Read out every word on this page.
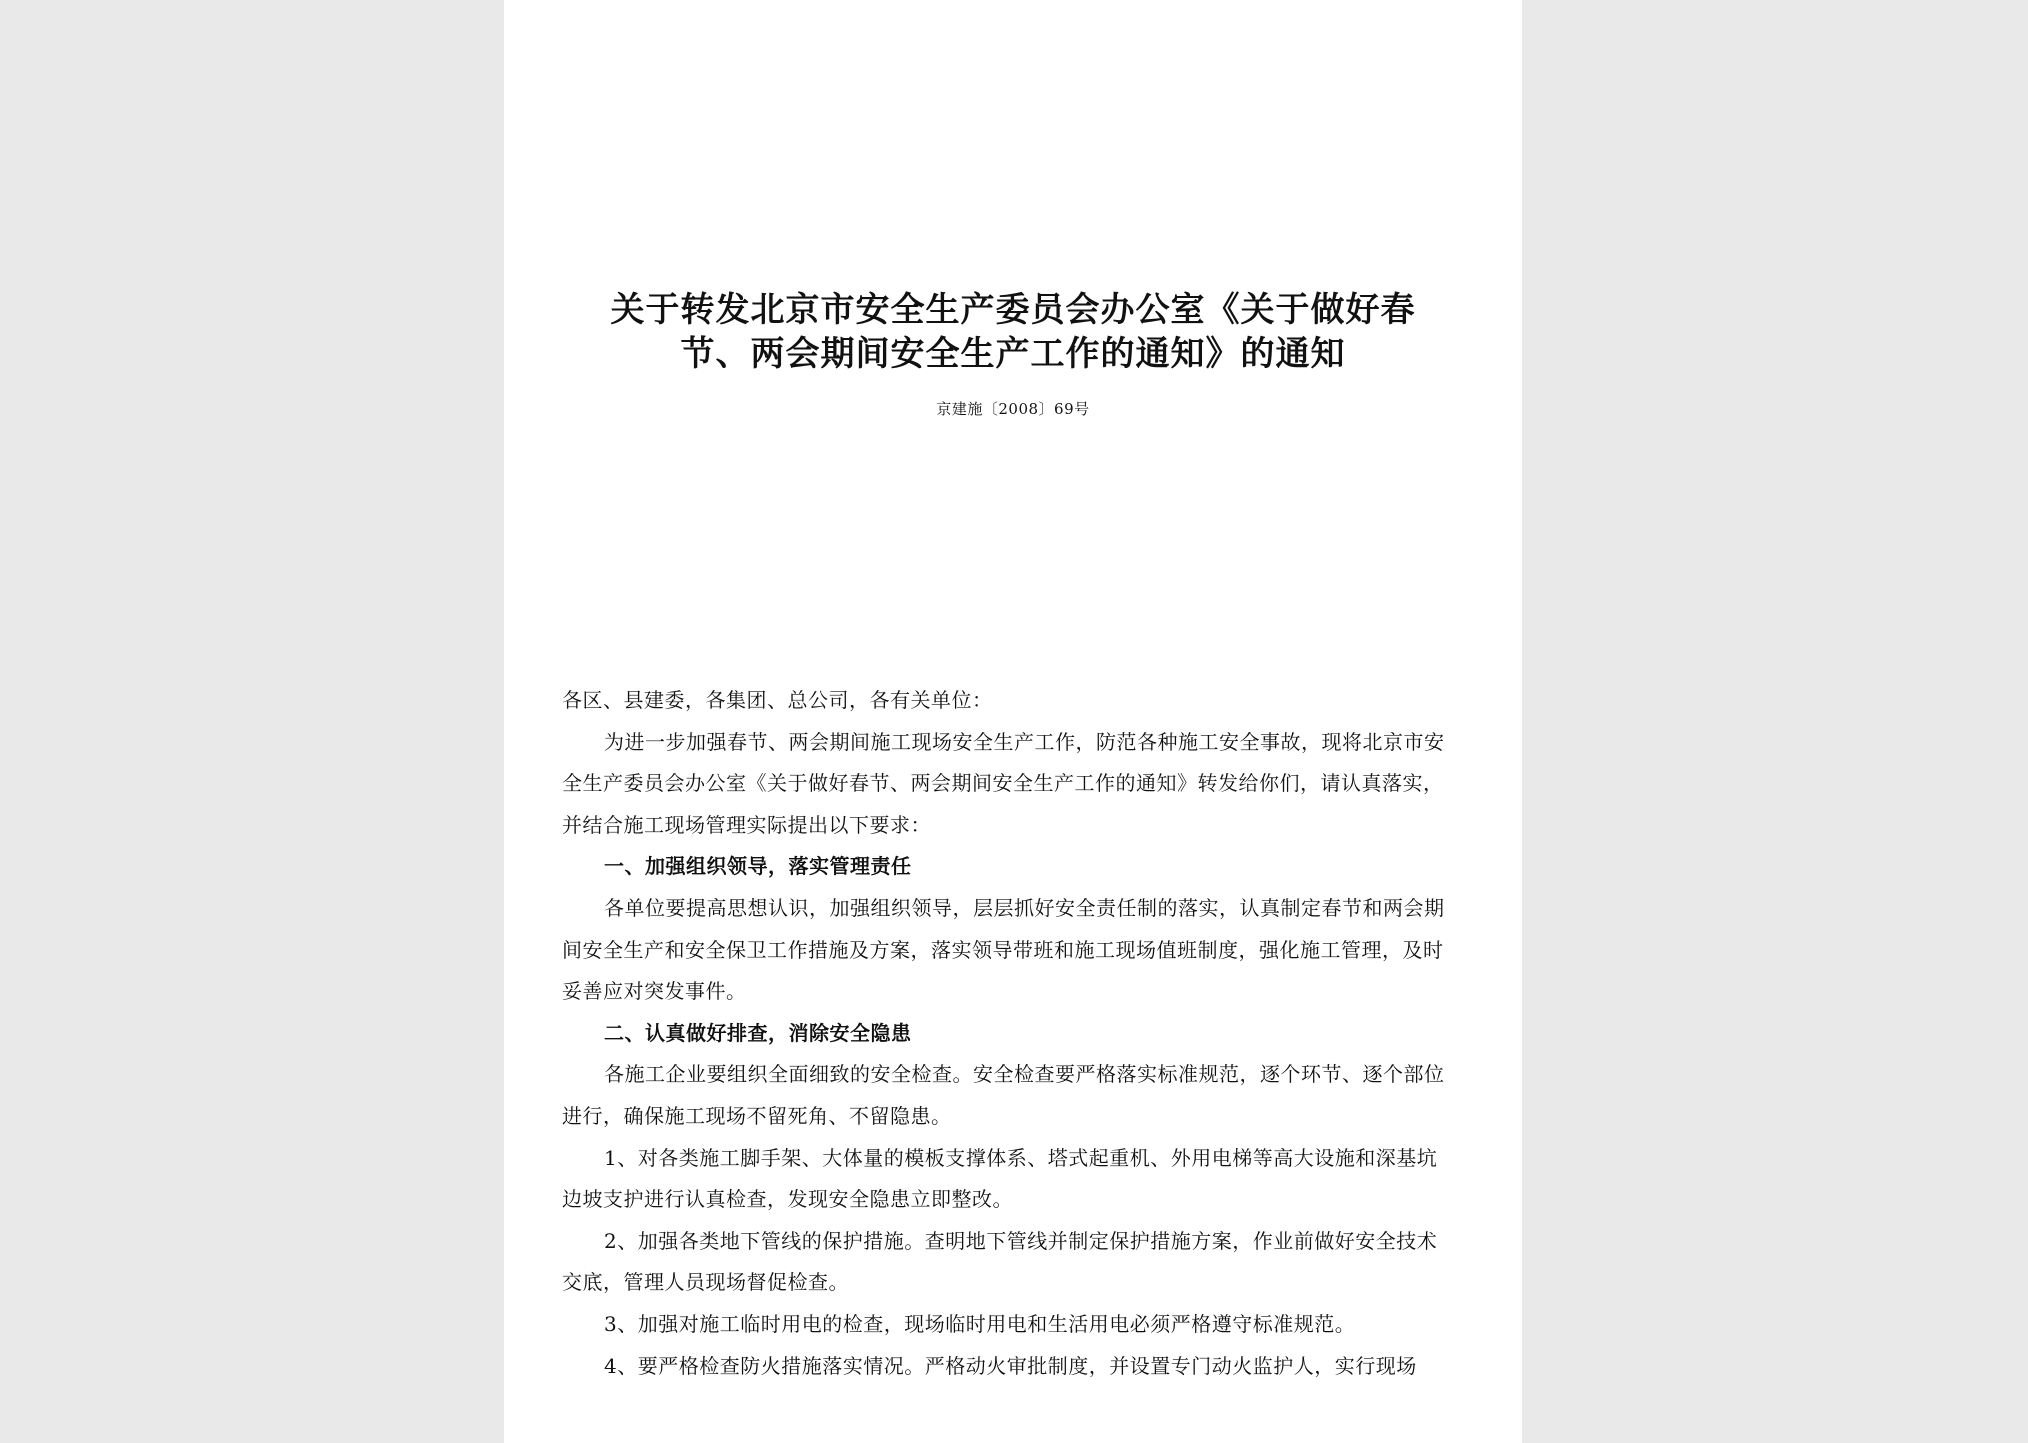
关于转发北京市安全生产委员会办公室《关于做好春
节、两会期间安全生产工作的通知》的通知
京建施〔2008〕69号

各区、县建委，各集团、总公司，各有关单位：

为进一步加强春节、两会期间施工现场安全生产工作，防范各种施工安全事故，现将北京市安全生产委员会办公室《关于做好春节、两会期间安全生产工作的通知》转发给你们，请认真落实，并结合施工现场管理实际提出以下要求：

一、加强组织领导，落实管理责任

各单位要提高思想认识，加强组织领导，层层抓好安全责任制的落实，认真制定春节和两会期间安全生产和安全保卫工作措施及方案，落实领导带班和施工现场值班制度，强化施工管理，及时妥善应对突发事件。

二、认真做好排查，消除安全隐患

各施工企业要组织全面细致的安全检查。安全检查要严格落实标准规范，逐个环节、逐个部位进行，确保施工现场不留死角、不留隐患。

1、对各类施工脚手架、大体量的模板支撑体系、塔式起重机、外用电梯等高大设施和深基坑边坡支护进行认真检查，发现安全隐患立即整改。

2、加强各类地下管线的保护措施。查明地下管线并制定保护措施方案，作业前做好安全技术交底，管理人员现场督促检查。

3、加强对施工临时用电的检查，现场临时用电和生活用电必须严格遵守标准规范。

4、要严格检查防火措施落实情况。严格动火审批制度，并设置专门动火监护人，实行现场
